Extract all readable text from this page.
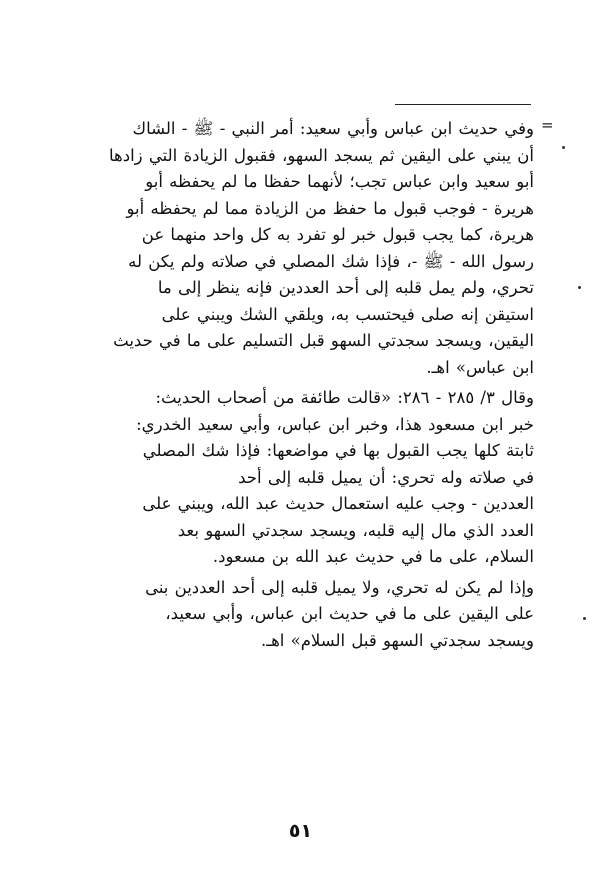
=

وفي حديث ابن عباس وأبي سعيد: أمر النبي - ﷺ - الشاك
أن يبني على اليقين ثم يسجد السهو، فقبول الزيادة التي زادها
أبو سعيد وابن عباس تجب؛ لأنهما حفظا ما لم يحفظه أبو
هريرة - فوجب قبول ما حفظ من الزيادة مما لم يحفظه أبو
هريرة، كما يجب قبول خبر لو تفرد به كل واحد منهما عن
رسول الله - ﷺ -، فإذا شك المصلي في صلاته ولم يكن له
تحري، ولم يمل قلبه إلى أحد العددين فإنه ينظر إلى ما
استيقن إنه صلى فيحتسب به، ويلقي الشك ويبني على
اليقين، ويسجد سجدتي السهو قبل التسليم على ما في حديث
ابن عباس» اهـ.

وقال ٣/ ٢٨٥ - ٢٨٦: «قالت طائفة من أصحاب الحديث:
خبر ابن مسعود هذا، وخبر ابن عباس، وأبي سعيد الخدري:
ثابتة كلها يجب القبول بها في مواضعها: فإذا شك المصلي
في صلاته وله تحري: أن يميل قلبه إلى أحد
العددين - وجب عليه استعمال حديث عبد الله، ويبني على
العدد الذي مال إليه قلبه، ويسجد سجدتي السهو بعد
السلام، على ما في حديث عبد الله بن مسعود.

وإذا لم يكن له تحري، ولا يميل قلبه إلى أحد العددين بنى
على اليقين على ما في حديث ابن عباس، وأبي سعيد،
ويسجد سجدتي السهو قبل السلام» اهـ.

٥١
